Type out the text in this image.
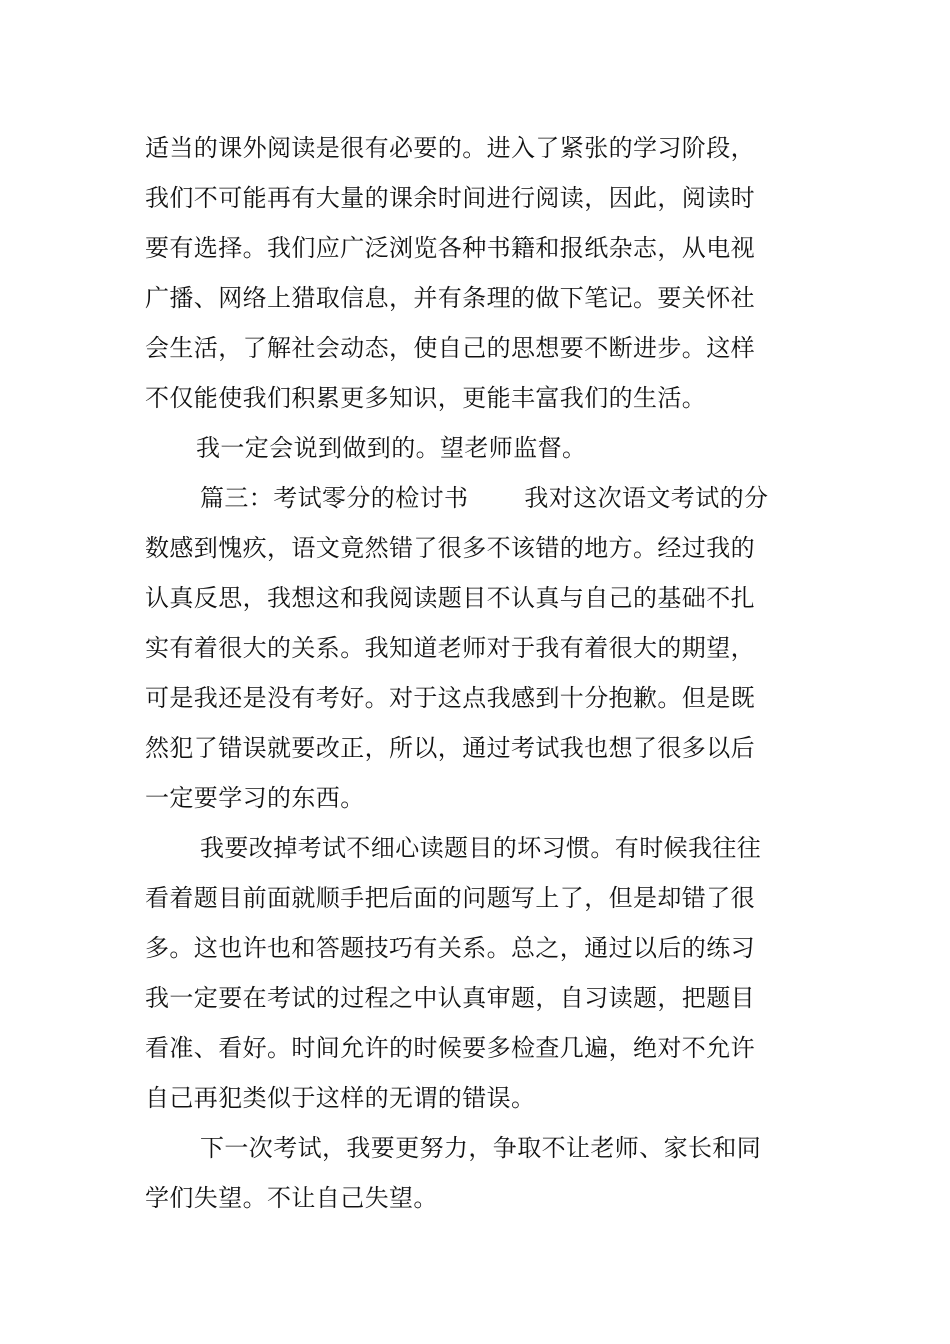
适当的课外阅读是很有必要的。进入了紧张的学习阶段，
我们不可能再有大量的课余时间进行阅读，因此，阅读时
要有选择。我们应广泛浏览各种书籍和报纸杂志，从电视
广播、网络上猎取信息，并有条理的做下笔记。要关怀社
会生活，了解社会动态，使自己的思想要不断进步。这样
不仅能使我们积累更多知识，更能丰富我们的生活。
我一定会说到做到的。望老师监督。
篇三：考试零分的检讨书 我对这次语文考试的分
数感到愧疚，语文竟然错了很多不该错的地方。经过我的
认真反思，我想这和我阅读题目不认真与自己的基础不扎
实有着很大的关系。我知道老师对于我有着很大的期望，
可是我还是没有考好。对于这点我感到十分抱歉。但是既
然犯了错误就要改正，所以，通过考试我也想了很多以后
一定要学习的东西。
我要改掉考试不细心读题目的坏习惯。有时候我往往
看着题目前面就顺手把后面的问题写上了，但是却错了很
多。这也许也和答题技巧有关系。总之，通过以后的练习
我一定要在考试的过程之中认真审题，自习读题，把题目
看准、看好。时间允许的时候要多检查几遍，绝对不允许
自己再犯类似于这样的无谓的错误。
下一次考试，我要更努力，争取不让老师、家长和同
学们失望。不让自己失望。
